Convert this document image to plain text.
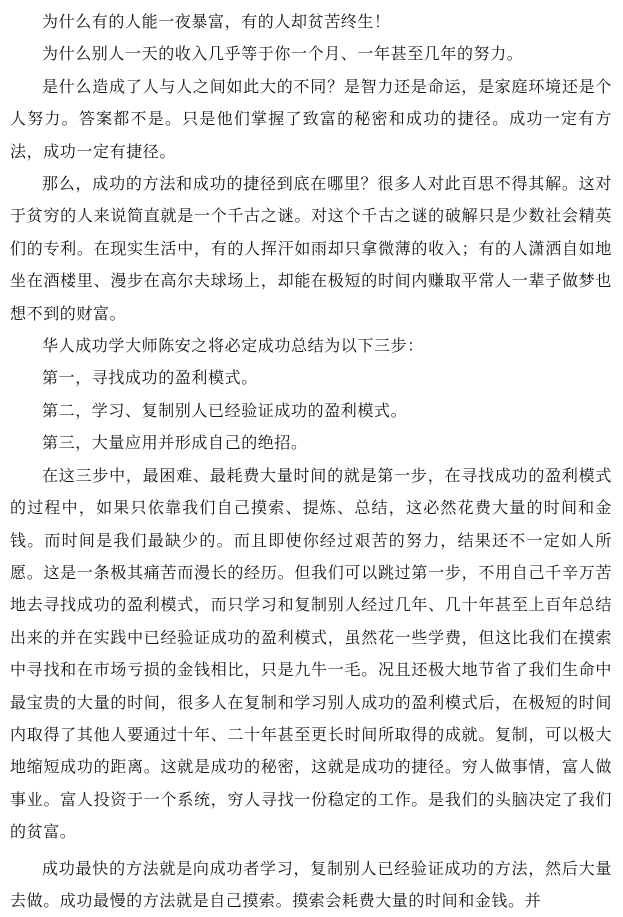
为什么有的人能一夜暴富，有的人却贫苦终生！

为什么别人一天的收入几乎等于你一个月、一年甚至几年的努力。

是什么造成了人与人之间如此大的不同？是智力还是命运，是家庭环境还是个人努力。答案都不是。只是他们掌握了致富的秘密和成功的捷径。成功一定有方法，成功一定有捷径。

那么，成功的方法和成功的捷径到底在哪里？很多人对此百思不得其解。这对于贫穷的人来说简直就是一个千古之谜。对这个千古之谜的破解只是少数社会精英们的专利。在现实生活中，有的人挥汗如雨却只拿微薄的收入；有的人潇洒自如地坐在酒楼里、漫步在高尔夫球场上，却能在极短的时间内赚取平常人一辈子做梦也想不到的财富。

华人成功学大师陈安之将必定成功总结为以下三步：

第一，寻找成功的盈利模式。

第二，学习、复制别人已经验证成功的盈利模式。

第三，大量应用并形成自己的绝招。

在这三步中，最困难、最耗费大量时间的就是第一步，在寻找成功的盈利模式的过程中，如果只依靠我们自己摸索、提炼、总结，这必然花费大量的时间和金钱。而时间是我们最缺少的。而且即使你经过艰苦的努力，结果还不一定如人所愿。这是一条极其痛苦而漫长的经历。但我们可以跳过第一步，不用自己千辛万苦地去寻找成功的盈利模式，而只学习和复制别人经过几年、几十年甚至上百年总结出来的并在实践中已经验证成功的盈利模式，虽然花一些学费，但这比我们在摸索中寻找和在市场亏损的金钱相比，只是九牛一毛。况且还极大地节省了我们生命中最宝贵的大量的时间，很多人在复制和学习别人成功的盈利模式后，在极短的时间内取得了其他人要通过十年、二十年甚至更长时间所取得的成就。复制，可以极大地缩短成功的距离。这就是成功的秘密，这就是成功的捷径。穷人做事情，富人做事业。富人投资于一个系统，穷人寻找一份稳定的工作。是我们的头脑决定了我们的贫富。

成功最快的方法就是向成功者学习，复制别人已经验证成功的方法，然后大量去做。成功最慢的方法就是自己摸索。摸索会耗费大量的时间和金钱。并
